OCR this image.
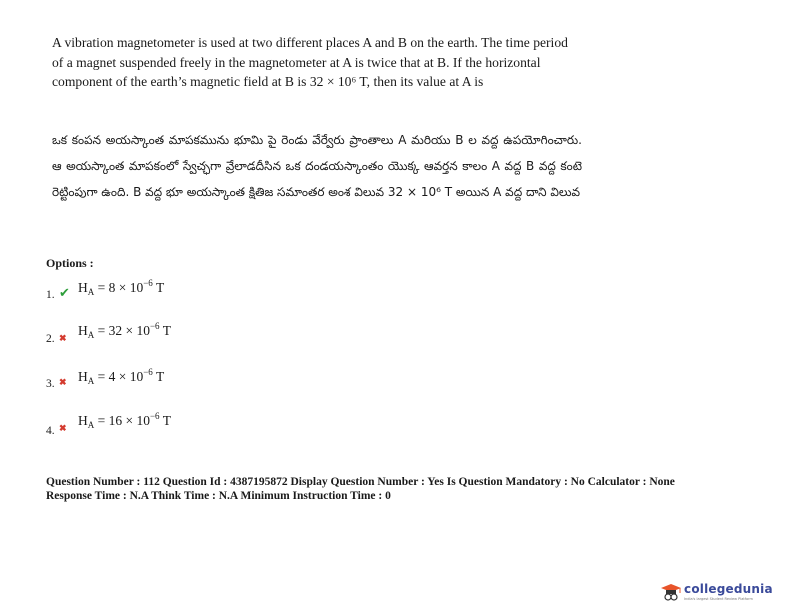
A vibration magnetometer is used at two different places A and B on the earth. The time period of a magnet suspended freely in the magnetometer at A is twice that at B. If the horizontal component of the earth’s magnetic field at B is 32 × 10⁶ T, then its value at A is
ఒక కంపన అయస్కాంత మాపకమును భూమి పై రెండు వేర్వేరు ప్రాంతాలు A మరియు B ల వద్ద ఉపయోగించారు. ఆ అయస్కాంత మాపకంలో స్వేచ్ఛగా వ్రేలాడదీసిన ఒక దండయస్కాంతం యొక్క ఆవర్తన కాలం A వద్ద B వద్ద కంటె రెట్టింపుగా ఉంది. B వద్ద భూ అయస్కాంత క్షితిజ సమాంతర అంశ విలువ 32 × 10⁶ T అయిన A వద్ద దాని విలువ
Options :
1. ✔ $H_A = 8 \times 10^{-6}$ T
2. ✖ $H_A = 32 \times 10^{-6}$ T
3. ✖ $H_A = 4 \times 10^{-6}$ T
4. ✖ $H_A = 16 \times 10^{-6}$ T
Question Number : 112 Question Id : 4387195872 Display Question Number : Yes Is Question Mandatory : No Calculator : None
Response Time : N.A Think Time : N.A Minimum Instruction Time : 0
collegedunia
India's largest Student Review Platform
